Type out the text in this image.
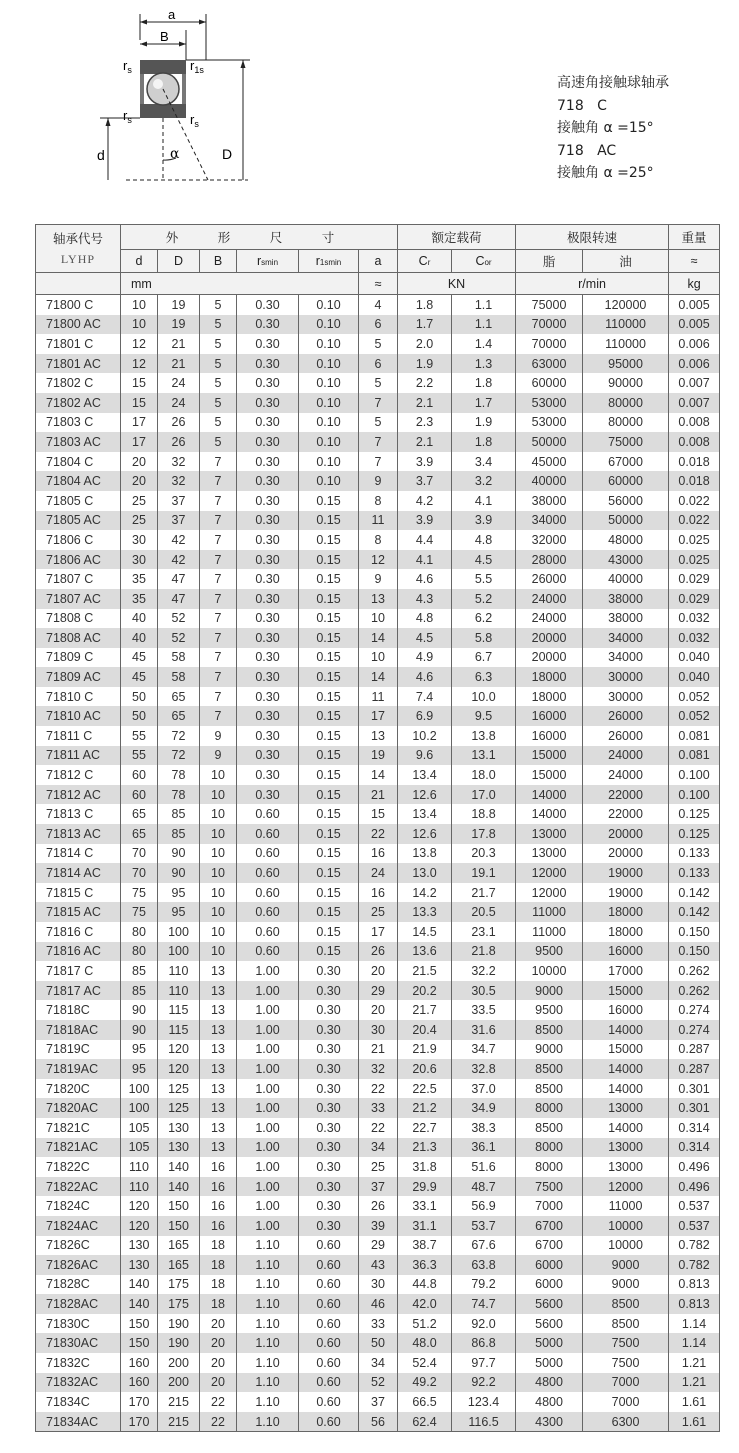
a
B
$r_s$	$r_{1s}$
$r_s$	$r_s$
α
d	D
高速角接触球轴承
718   C
接触角 α =15°
718   AC
接触角 α =25°
轴承代号
LYHP	外 形 尺 寸						额定载荷		极限转速		重量
	d	D	B	rsmin	r1smin	a	Cr	Cor	脂	油	≈
	mm					≈	KN		r/min		kg
71800 C	10	19	5	0.30	0.10	4	1.8	1.1	75000	120000	0.005
71800 AC	10	19	5	0.30	0.10	6	1.7	1.1	70000	110000	0.005
71801 C	12	21	5	0.30	0.10	5	2.0	1.4	70000	110000	0.006
71801 AC	12	21	5	0.30	0.10	6	1.9	1.3	63000	95000	0.006
71802 C	15	24	5	0.30	0.10	5	2.2	1.8	60000	90000	0.007
71802 AC	15	24	5	0.30	0.10	7	2.1	1.7	53000	80000	0.007
71803 C	17	26	5	0.30	0.10	5	2.3	1.9	53000	80000	0.008
71803 AC	17	26	5	0.30	0.10	7	2.1	1.8	50000	75000	0.008
71804 C	20	32	7	0.30	0.10	7	3.9	3.4	45000	67000	0.018
71804 AC	20	32	7	0.30	0.10	9	3.7	3.2	40000	60000	0.018
71805 C	25	37	7	0.30	0.15	8	4.2	4.1	38000	56000	0.022
71805 AC	25	37	7	0.30	0.15	11	3.9	3.9	34000	50000	0.022
71806 C	30	42	7	0.30	0.15	8	4.4	4.8	32000	48000	0.025
71806 AC	30	42	7	0.30	0.15	12	4.1	4.5	28000	43000	0.025
71807 C	35	47	7	0.30	0.15	9	4.6	5.5	26000	40000	0.029
71807 AC	35	47	7	0.30	0.15	13	4.3	5.2	24000	38000	0.029
71808 C	40	52	7	0.30	0.15	10	4.8	6.2	24000	38000	0.032
71808 AC	40	52	7	0.30	0.15	14	4.5	5.8	20000	34000	0.032
71809 C	45	58	7	0.30	0.15	10	4.9	6.7	20000	34000	0.040
71809 AC	45	58	7	0.30	0.15	14	4.6	6.3	18000	30000	0.040
71810 C	50	65	7	0.30	0.15	11	7.4	10.0	18000	30000	0.052
71810 AC	50	65	7	0.30	0.15	17	6.9	9.5	16000	26000	0.052
71811 C	55	72	9	0.30	0.15	13	10.2	13.8	16000	26000	0.081
71811 AC	55	72	9	0.30	0.15	19	9.6	13.1	15000	24000	0.081
71812 C	60	78	10	0.30	0.15	14	13.4	18.0	15000	24000	0.100
71812 AC	60	78	10	0.30	0.15	21	12.6	17.0	14000	22000	0.100
71813 C	65	85	10	0.60	0.15	15	13.4	18.8	14000	22000	0.125
71813 AC	65	85	10	0.60	0.15	22	12.6	17.8	13000	20000	0.125
71814 C	70	90	10	0.60	0.15	16	13.8	20.3	13000	20000	0.133
71814 AC	70	90	10	0.60	0.15	24	13.0	19.1	12000	19000	0.133
71815 C	75	95	10	0.60	0.15	16	14.2	21.7	12000	19000	0.142
71815 AC	75	95	10	0.60	0.15	25	13.3	20.5	11000	18000	0.142
71816 C	80	100	10	0.60	0.15	17	14.5	23.1	11000	18000	0.150
71816 AC	80	100	10	0.60	0.15	26	13.6	21.8	9500	16000	0.150
71817 C	85	110	13	1.00	0.30	20	21.5	32.2	10000	17000	0.262
71817 AC	85	110	13	1.00	0.30	29	20.2	30.5	9000	15000	0.262
71818C	90	115	13	1.00	0.30	20	21.7	33.5	9500	16000	0.274
71818AC	90	115	13	1.00	0.30	30	20.4	31.6	8500	14000	0.274
71819C	95	120	13	1.00	0.30	21	21.9	34.7	9000	15000	0.287
71819AC	95	120	13	1.00	0.30	32	20.6	32.8	8500	14000	0.287
71820C	100	125	13	1.00	0.30	22	22.5	37.0	8500	14000	0.301
71820AC	100	125	13	1.00	0.30	33	21.2	34.9	8000	13000	0.301
71821C	105	130	13	1.00	0.30	22	22.7	38.3	8500	14000	0.314
71821AC	105	130	13	1.00	0.30	34	21.3	36.1	8000	13000	0.314
71822C	110	140	16	1.00	0.30	25	31.8	51.6	8000	13000	0.496
71822AC	110	140	16	1.00	0.30	37	29.9	48.7	7500	12000	0.496
71824C	120	150	16	1.00	0.30	26	33.1	56.9	7000	11000	0.537
71824AC	120	150	16	1.00	0.30	39	31.1	53.7	6700	10000	0.537
71826C	130	165	18	1.10	0.60	29	38.7	67.6	6700	10000	0.782
71826AC	130	165	18	1.10	0.60	43	36.3	63.8	6000	9000	0.782
71828C	140	175	18	1.10	0.60	30	44.8	79.2	6000	9000	0.813
71828AC	140	175	18	1.10	0.60	46	42.0	74.7	5600	8500	0.813
71830C	150	190	20	1.10	0.60	33	51.2	92.0	5600	8500	1.14
71830AC	150	190	20	1.10	0.60	50	48.0	86.8	5000	7500	1.14
71832C	160	200	20	1.10	0.60	34	52.4	97.7	5000	7500	1.21
71832AC	160	200	20	1.10	0.60	52	49.2	92.2	4800	7000	1.21
71834C	170	215	22	1.10	0.60	37	66.5	123.4	4800	7000	1.61
71834AC	170	215	22	1.10	0.60	56	62.4	116.5	4300	6300	1.61
